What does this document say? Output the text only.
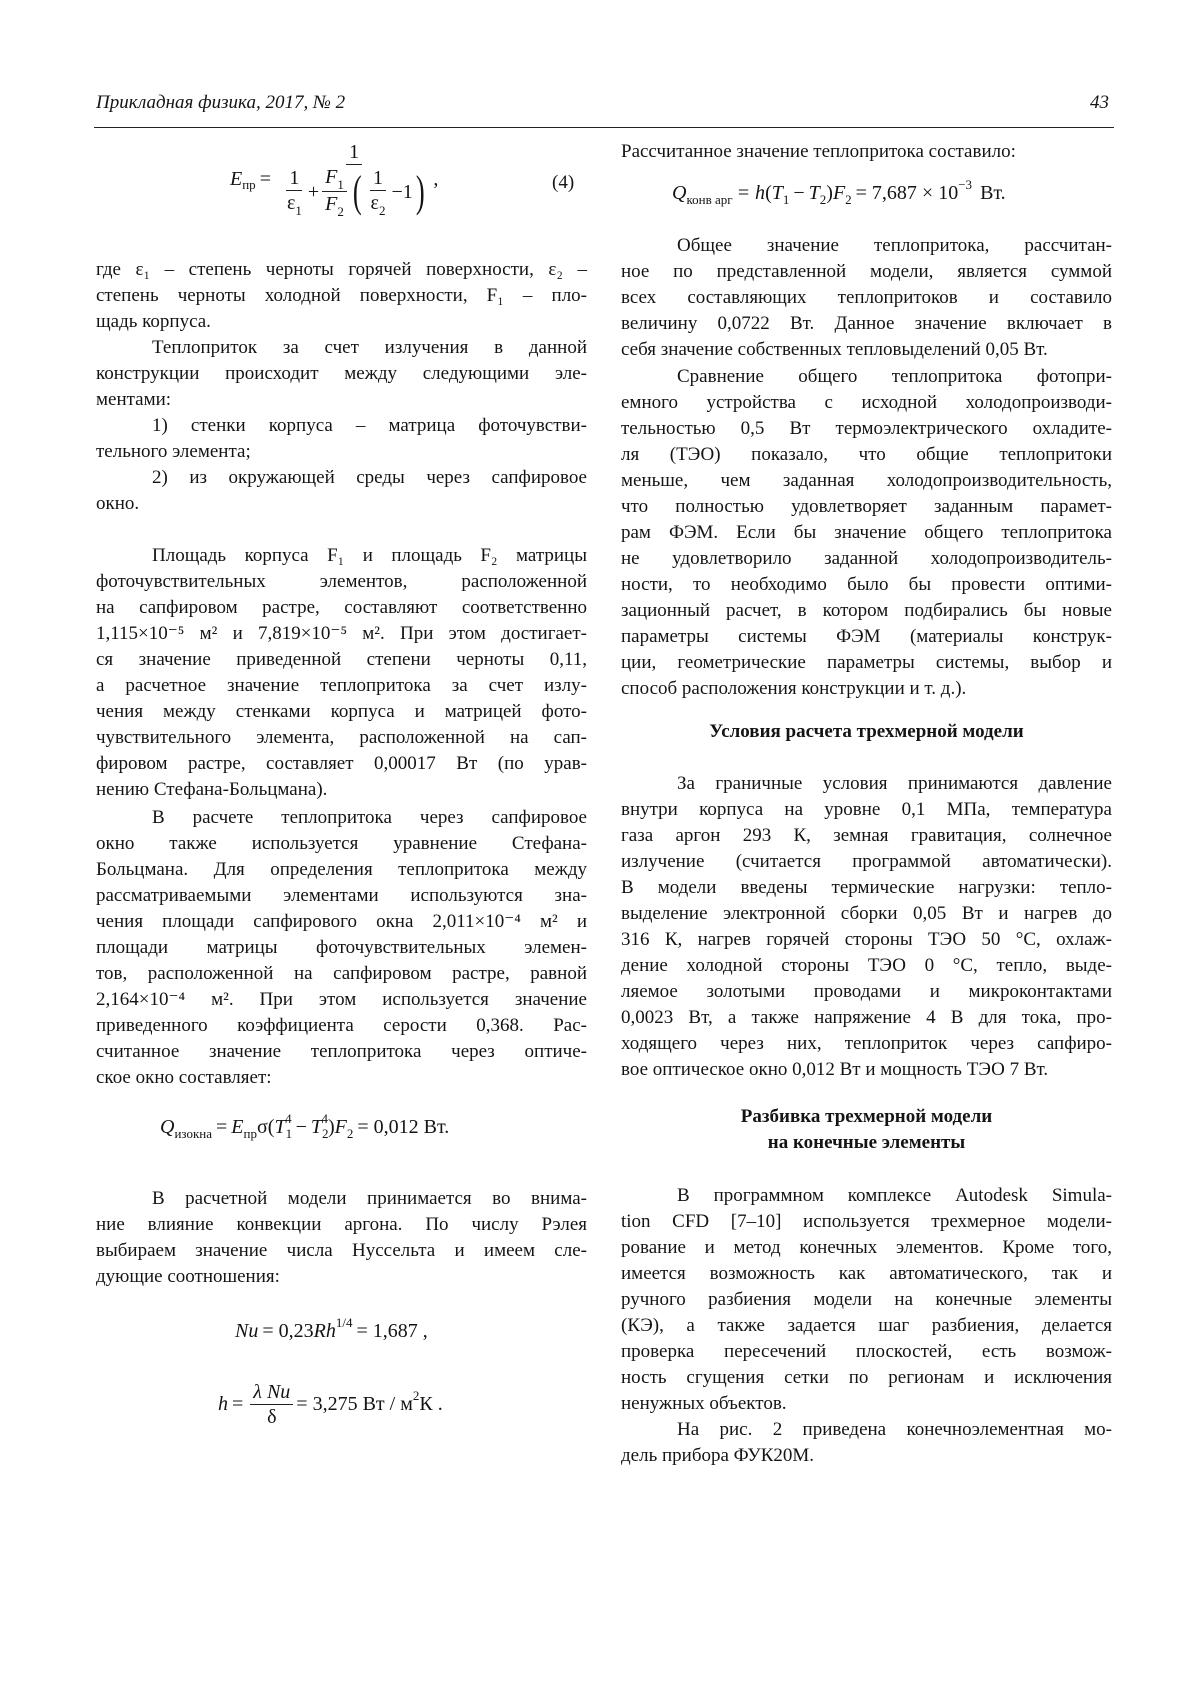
Прикладная физика, 2017, № 2	43
E пр =
1
1
ε1
+
F1
F2 ( 1
ε2
−1 ) ,	(4)
где ε₁ – степень черноты горячей поверхности, ε₂ –
степень черноты холодной поверхности, F₁ – пло-
щадь корпуса.
Теплоприток за счет излучения в данной
конструкции происходит между следующими эле-
ментами:
1) стенки корпуса – матрица фоточувстви-
тельного элемента;
2) из окружающей среды через сапфировое
окно.
Площадь корпуса F₁ и площадь F₂ матрицы
фоточувствительных элементов, расположенной
на сапфировом растре, составляют соответственно
1,115×10⁻⁵ м² и 7,819×10⁻⁵ м². При этом достигает-
ся значение приведенной степени черноты 0,11,
а расчетное значение теплопритока за счет излу-
чения между стенками корпуса и матрицей фото-
чувствительного элемента, расположенной на сап-
фировом растре, составляет 0,00017 Вт (по урав-
нению Стефана-Больцмана).
В расчете теплопритока через сапфировое
окно также используется уравнение Стефана-
Больцмана. Для определения теплопритока между
рассматриваемыми элементами используются зна-
чения площади сапфирового окна 2,011×10⁻⁴ м² и
площади матрицы фоточувствительных элемен-
тов, расположенной на сапфировом растре, равной
2,164×10⁻⁴ м². При этом используется значение
приведенного коэффициента серости 0,368. Рас-
считанное значение теплопритока через оптиче-
ское окно составляет:
Q изокна = E пр σ( T 1
4 − T 2
4 ) F 2 = 0,012 Вт.
В расчетной модели принимается во внима-
ние влияние конвекции аргона. По числу Рэлея
выбираем значение числа Нуссельта и имеем сле-
дующие соотношения:
Nu = 0,23 Rh 1/4 = 1,687 ,
h =
λ Nu
δ
= 3,275 Вт / м 2 К .
Рассчитанное значение теплопритока составило:
Q конв арг = h ( T 1 − T 2 ) F 2 = 7,687 × 10 −3 Вт.
Общее значение теплопритока, рассчитан-
ное по представленной модели, является суммой
всех составляющих теплопритоков и составило
величину 0,0722 Вт. Данное значение включает в
себя значение собственных тепловыделений 0,05 Вт.
Сравнение общего теплопритока фотопри-
емного устройства с исходной холодопроизводи-
тельностью 0,5 Вт термоэлектрического охладите-
ля (ТЭО) показало, что общие теплопритоки
меньше, чем заданная холодопроизводительность,
что полностью удовлетворяет заданным парамет-
рам ФЭМ. Если бы значение общего теплопритока
не удовлетворило заданной холодопроизводитель-
ности, то необходимо было бы провести оптими-
зационный расчет, в котором подбирались бы новые
параметры системы ФЭМ (материалы конструк-
ции, геометрические параметры системы, выбор и
способ расположения конструкции и т. д.).
Условия расчета трехмерной модели
За граничные условия принимаются давление
внутри корпуса на уровне 0,1 МПа, температура
газа аргон 293 К, земная гравитация, солнечное
излучение (считается программой автоматически).
В модели введены термические нагрузки: тепло-
выделение электронной сборки 0,05 Вт и нагрев до
316 К, нагрев горячей стороны ТЭО 50 °С, охлаж-
дение холодной стороны ТЭО 0 °С, тепло, выде-
ляемое золотыми проводами и микроконтактами
0,0023 Вт, а также напряжение 4 В для тока, про-
ходящего через них, теплоприток через сапфиро-
вое оптическое окно 0,012 Вт и мощность ТЭО 7 Вт.
Разбивка трехмерной модели
на конечные элементы
В программном комплексе Autodesk Simula-
tion CFD [7–10] используется трехмерное модели-
рование и метод конечных элементов. Кроме того,
имеется возможность как автоматического, так и
ручного разбиения модели на конечные элементы
(КЭ), а также задается шаг разбиения, делается
проверка пересечений плоскостей, есть возмож-
ность сгущения сетки по регионам и исключения
ненужных объектов.
На рис. 2 приведена конечноэлементная мо-
дель прибора ФУК20М.
